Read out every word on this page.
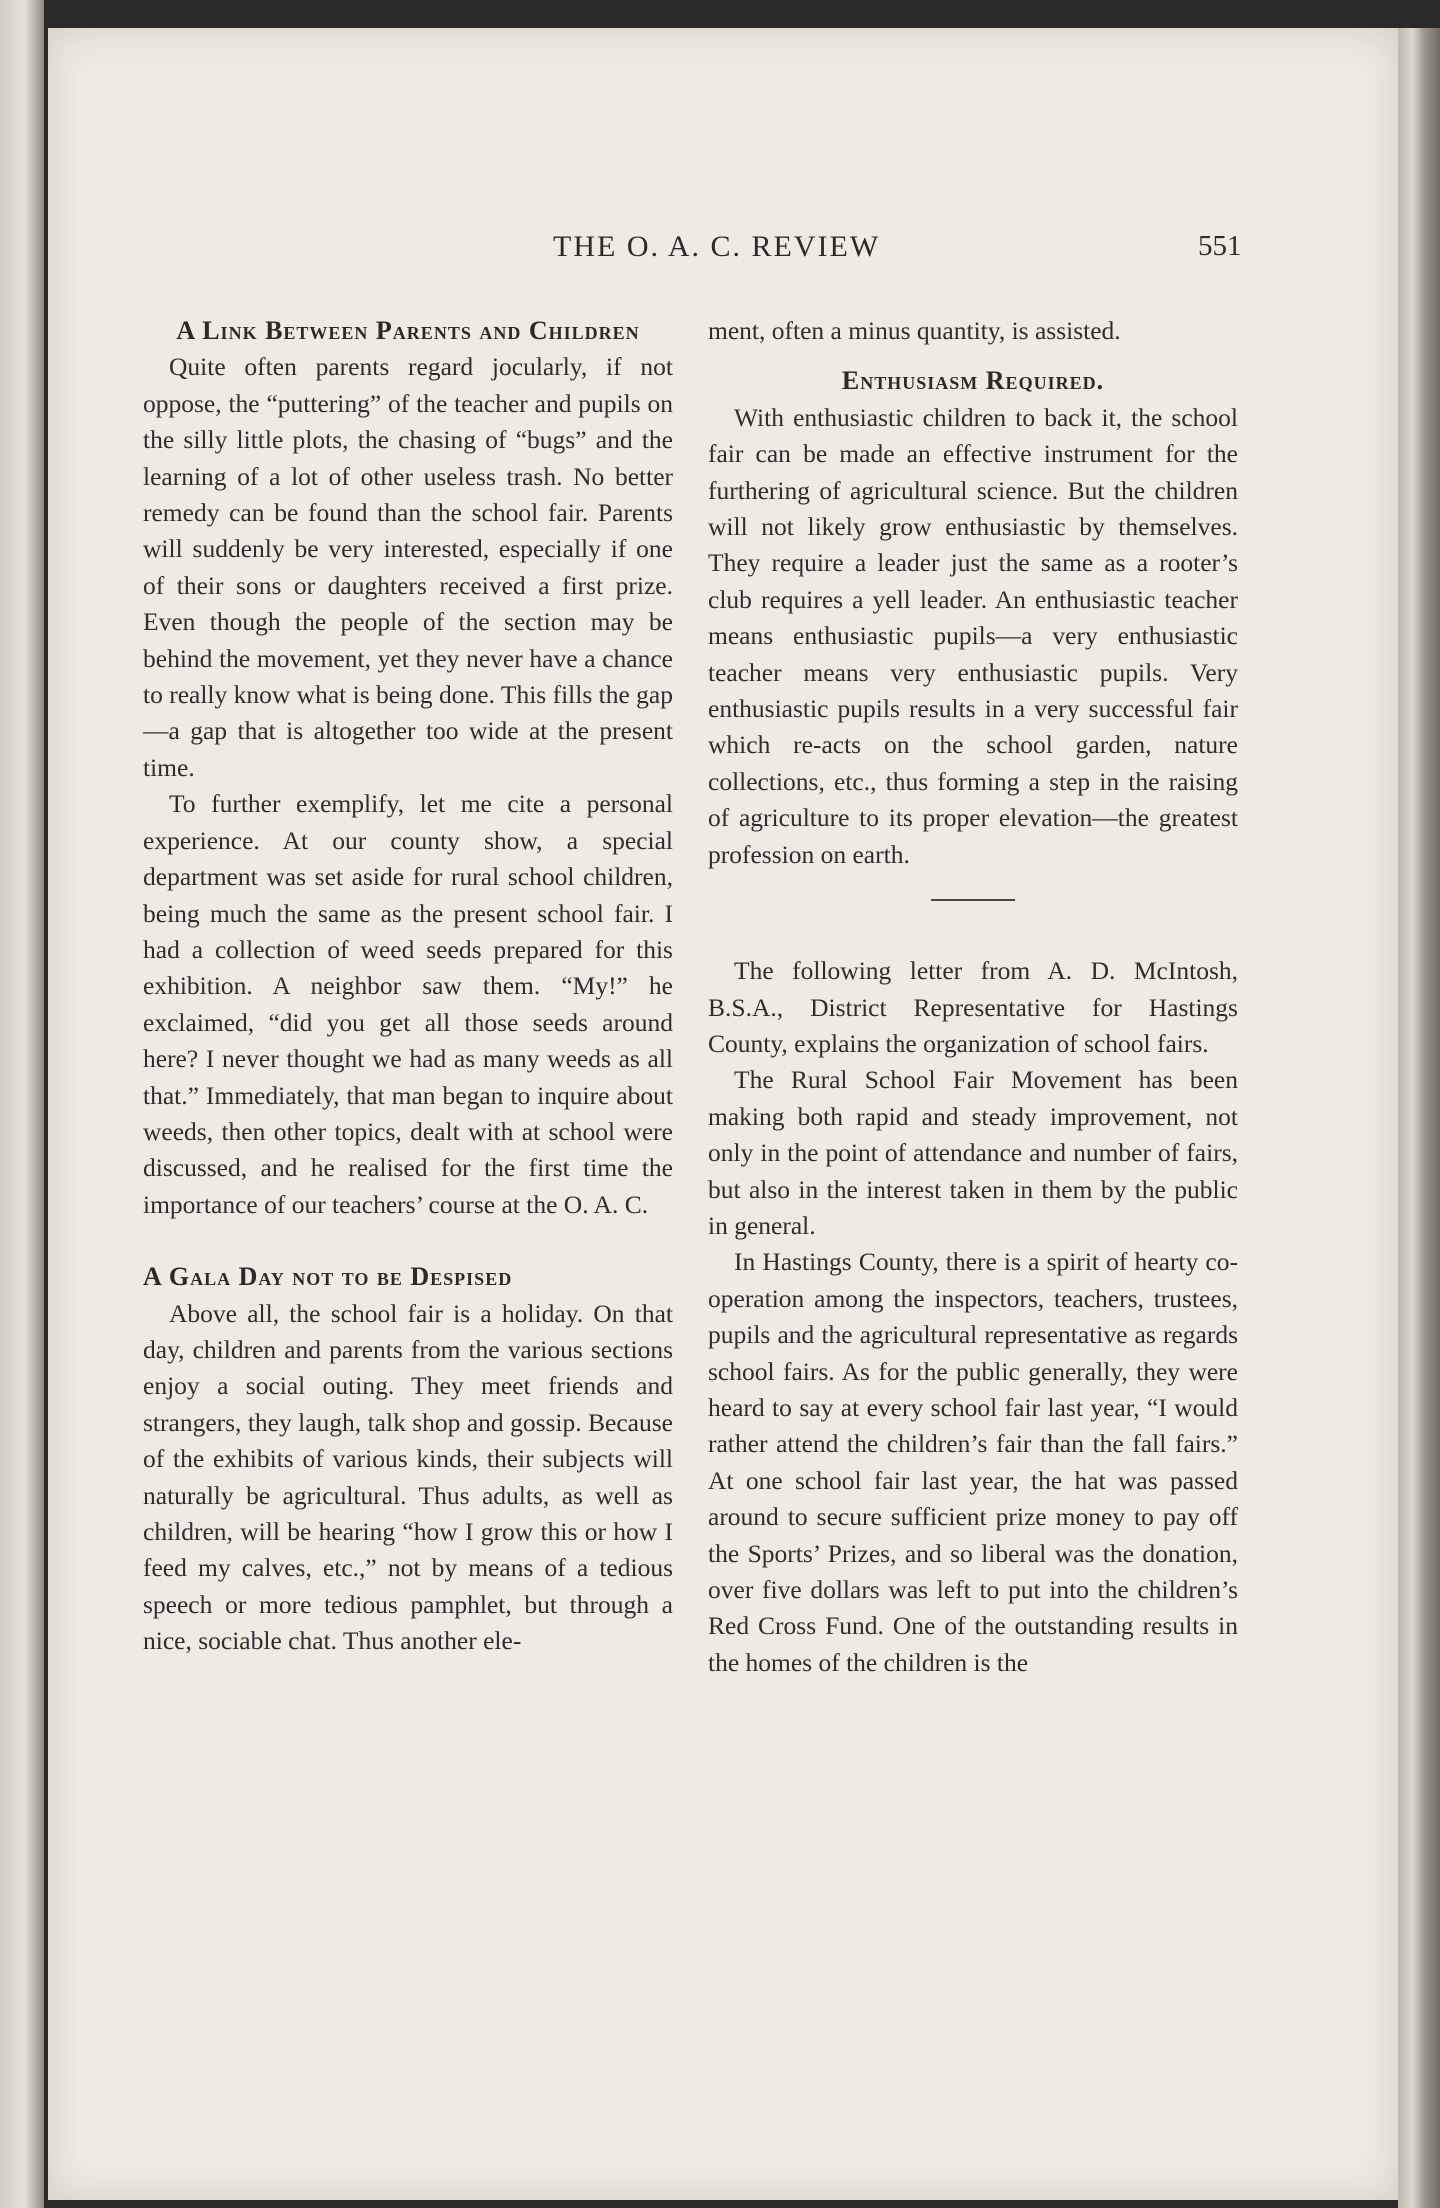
THE O. A. C. REVIEW	551
A Link Between Parents and Children

Quite often parents regard jocularly, if not oppose, the “puttering” of the teacher and pupils on the silly little plots, the chasing of “bugs” and the learning of a lot of other useless trash. No better remedy can be found than the school fair. Parents will suddenly be very interested, especially if one of their sons or daughters received a first prize. Even though the people of the section may be behind the movement, yet they never have a chance to really know what is being done. This fills the gap—a gap that is altogether too wide at the present time.

To further exemplify, let me cite a personal experience. At our county show, a special department was set aside for rural school children, being much the same as the present school fair. I had a collection of weed seeds prepared for this exhibition. A neighbor saw them. “My!” he exclaimed, “did you get all those seeds around here? I never thought we had as many weeds as all that.” Immediately, that man began to inquire about weeds, then other topics, dealt with at school were discussed, and he realised for the first time the importance of our teachers’ course at the O. A. C.

A Gala Day not to be Despised

Above all, the school fair is a holiday. On that day, children and parents from the various sections enjoy a social outing. They meet friends and strangers, they laugh, talk shop and gossip. Because of the exhibits of various kinds, their subjects will naturally be agricultural. Thus adults, as well as children, will be hearing “how I grow this or how I feed my calves, etc.,” not by means of a tedious speech or more tedious pamphlet, but through a nice, sociable chat. Thus another ele-

ment, often a minus quantity, is assisted.

Enthusiasm Required.

With enthusiastic children to back it, the school fair can be made an effective instrument for the furthering of agricultural science. But the children will not likely grow enthusiastic by themselves. They require a leader just the same as a rooter’s club requires a yell leader. An enthusiastic teacher means enthusiastic pupils—a very enthusiastic teacher means very enthusiastic pupils. Very enthusiastic pupils results in a very successful fair which re-acts on the school garden, nature collections, etc., thus forming a step in the raising of agriculture to its proper elevation—the greatest profession on earth.

The following letter from A. D. McIntosh, B.S.A., District Representative for Hastings County, explains the organization of school fairs.

The Rural School Fair Movement has been making both rapid and steady improvement, not only in the point of attendance and number of fairs, but also in the interest taken in them by the public in general.

In Hastings County, there is a spirit of hearty co-operation among the inspectors, teachers, trustees, pupils and the agricultural representative as regards school fairs. As for the public generally, they were heard to say at every school fair last year, “I would rather attend the children’s fair than the fall fairs.” At one school fair last year, the hat was passed around to secure sufficient prize money to pay off the Sports’ Prizes, and so liberal was the donation, over five dollars was left to put into the children’s Red Cross Fund. One of the outstanding results in the homes of the children is the
